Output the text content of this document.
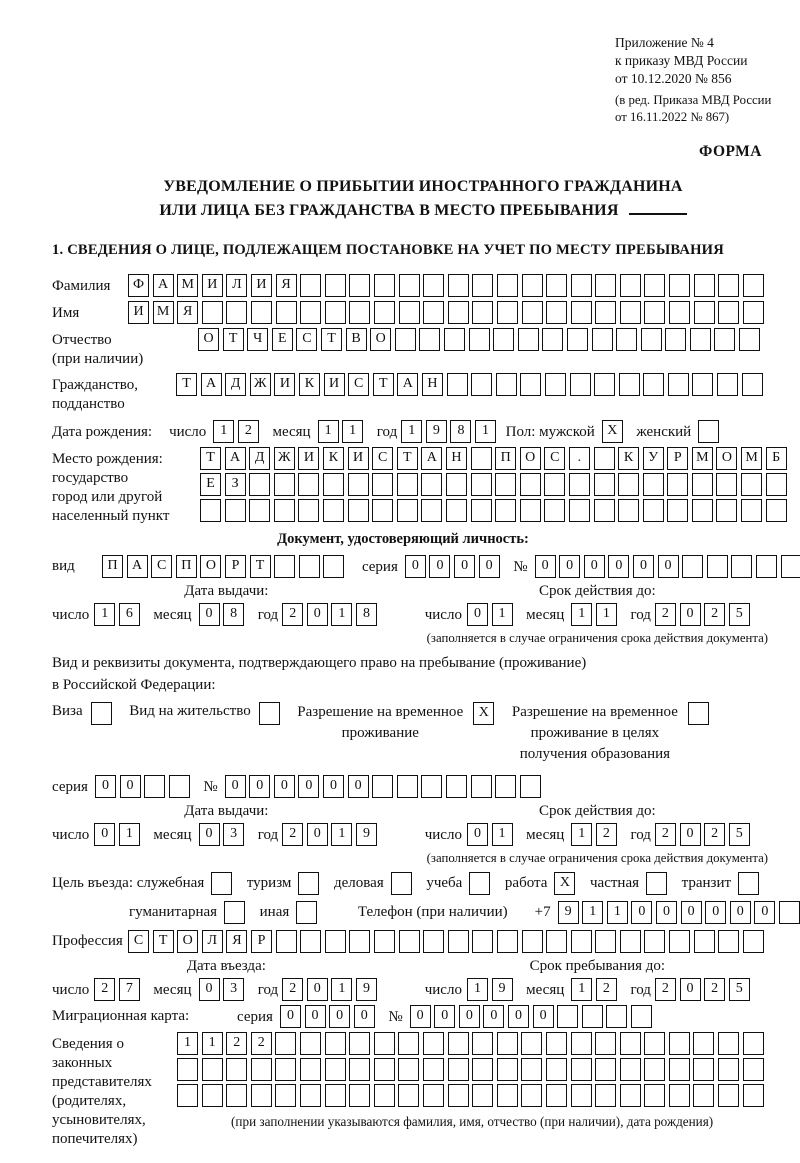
Приложение № 4
к приказу МВД России
от 10.12.2020 № 856
(в ред. Приказа МВД России
от 16.11.2022 № 867)
ФОРМА
УВЕДОМЛЕНИЕ О ПРИБЫТИИ ИНОСТРАННОГО ГРАЖДАНИНА
ИЛИ ЛИЦА БЕЗ ГРАЖДАНСТВА В МЕСТО ПРЕБЫВАНИЯ
1. СВЕДЕНИЯ О ЛИЦЕ, ПОДЛЕЖАЩЕМ ПОСТАНОВКЕ НА УЧЕТ ПО МЕСТУ ПРЕБЫВАНИЯ
Фамилия	Ф	А М И	Л	И	Я
Имя	И М Я
Отчество
(при наличии)
О	Т	Ч	Е	С	Т	В	О
Гражданство,
подданство
Т	А	Д Ж И	К	И	С	Т	А	Н
Дата рождения: число	1	2	месяц	1	1	год 1	9	8	1	Пол: мужской X	женский
Место рождения:
государство
город или другой
населенный пункт
Т	А	Д Ж И	К	И	С	Т	А	Н	П	О	С	.	К	У	Р	М О М	Б
Е	З
Документ, удостоверяющий личность:
вид	П	А	С	П	О	Р	Т	серия	0	0	0	0	№	0	0	0	0	0	0
Дата выдачи:
число 1	6	месяц	0	8	год 2	0	1	8
Срок действия до:
число 0	1	месяц	1	1	год 2	0	2	5
(заполняется в случае ограничения срока действия документа)
Вид и реквизиты документа, подтверждающего право на пребывание (проживание)
в Российской Федерации:
Виза	Вид на жительство	Разрешение на временное
проживание
X	Разрешение на временное
проживание в целях
получения образования
серия	0	0	№	0	0	0	0	0	0
Дата выдачи:
число 0	1	месяц	0	3	год 2	0	1	9
Срок действия до:
число 0	1	месяц	1	2	год 2	0	2	5
(заполняется в случае ограничения срока действия документа)
Цель въезда: служебная	туризм	деловая	учеба	работа X	частная	транзит
гуманитарная	иная	Телефон (при наличии) +7	9	1	1	0	0	0	0	0	0
Профессия С	Т	О	Л	Я	Р
Дата въезда:
число 2	7	месяц	0	3	год 2	0	1	9
Срок пребывания до:
число 1	9	месяц	1	2	год 2	0	2	5
Миграционная карта:	серия	0	0	0	0	№	0	0	0	0	0	0
Сведения о
законных
представителях
(родителях,
усыновителях,
попечителях)
1	1	2	2
(при заполнении указываются фамилия, имя, отчество (при наличии), дата рождения)
